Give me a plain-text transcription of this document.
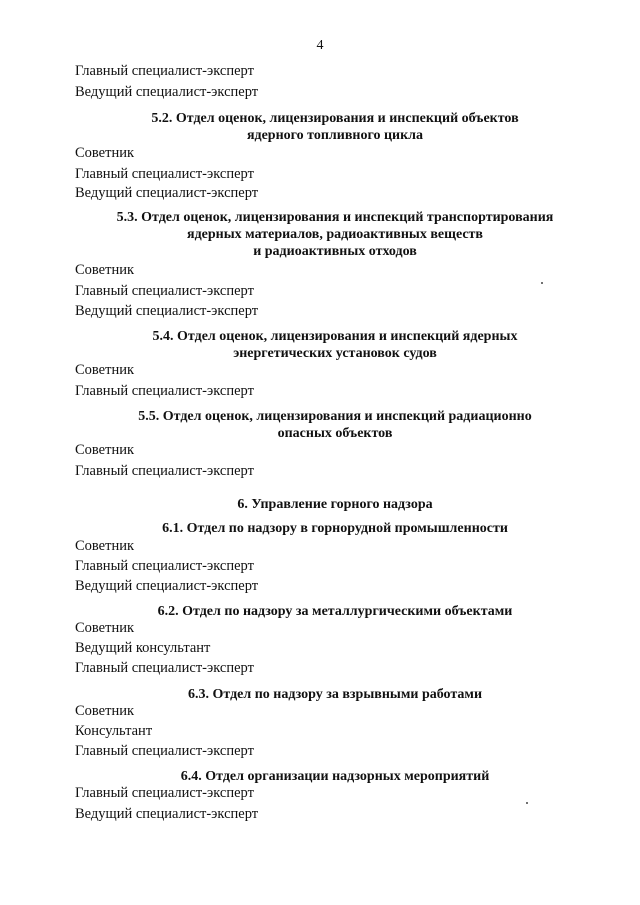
4
Главный специалист-эксперт
Ведущий специалист-эксперт
5.2. Отдел оценок, лицензирования и инспекций объектов
ядерного топливного цикла
Советник
Главный специалист-эксперт
Ведущий специалист-эксперт
5.3. Отдел оценок, лицензирования и инспекций транспортирования
ядерных материалов, радиоактивных веществ
и радиоактивных отходов
Советник
Главный специалист-эксперт
Ведущий специалист-эксперт
5.4. Отдел оценок, лицензирования и инспекций ядерных
энергетических установок судов
Советник
Главный специалист-эксперт
5.5. Отдел оценок, лицензирования и инспекций радиационно
опасных объектов
Советник
Главный специалист-эксперт
6. Управление горного надзора
6.1. Отдел по надзору в горнорудной промышленности
Советник
Главный специалист-эксперт
Ведущий специалист-эксперт
6.2. Отдел по надзору за металлургическими объектами
Советник
Ведущий консультант
Главный специалист-эксперт
6.3. Отдел по надзору за взрывными работами
Советник
Консультант
Главный специалист-эксперт
6.4. Отдел организации надзорных мероприятий
Главный специалист-эксперт
Ведущий специалист-эксперт
